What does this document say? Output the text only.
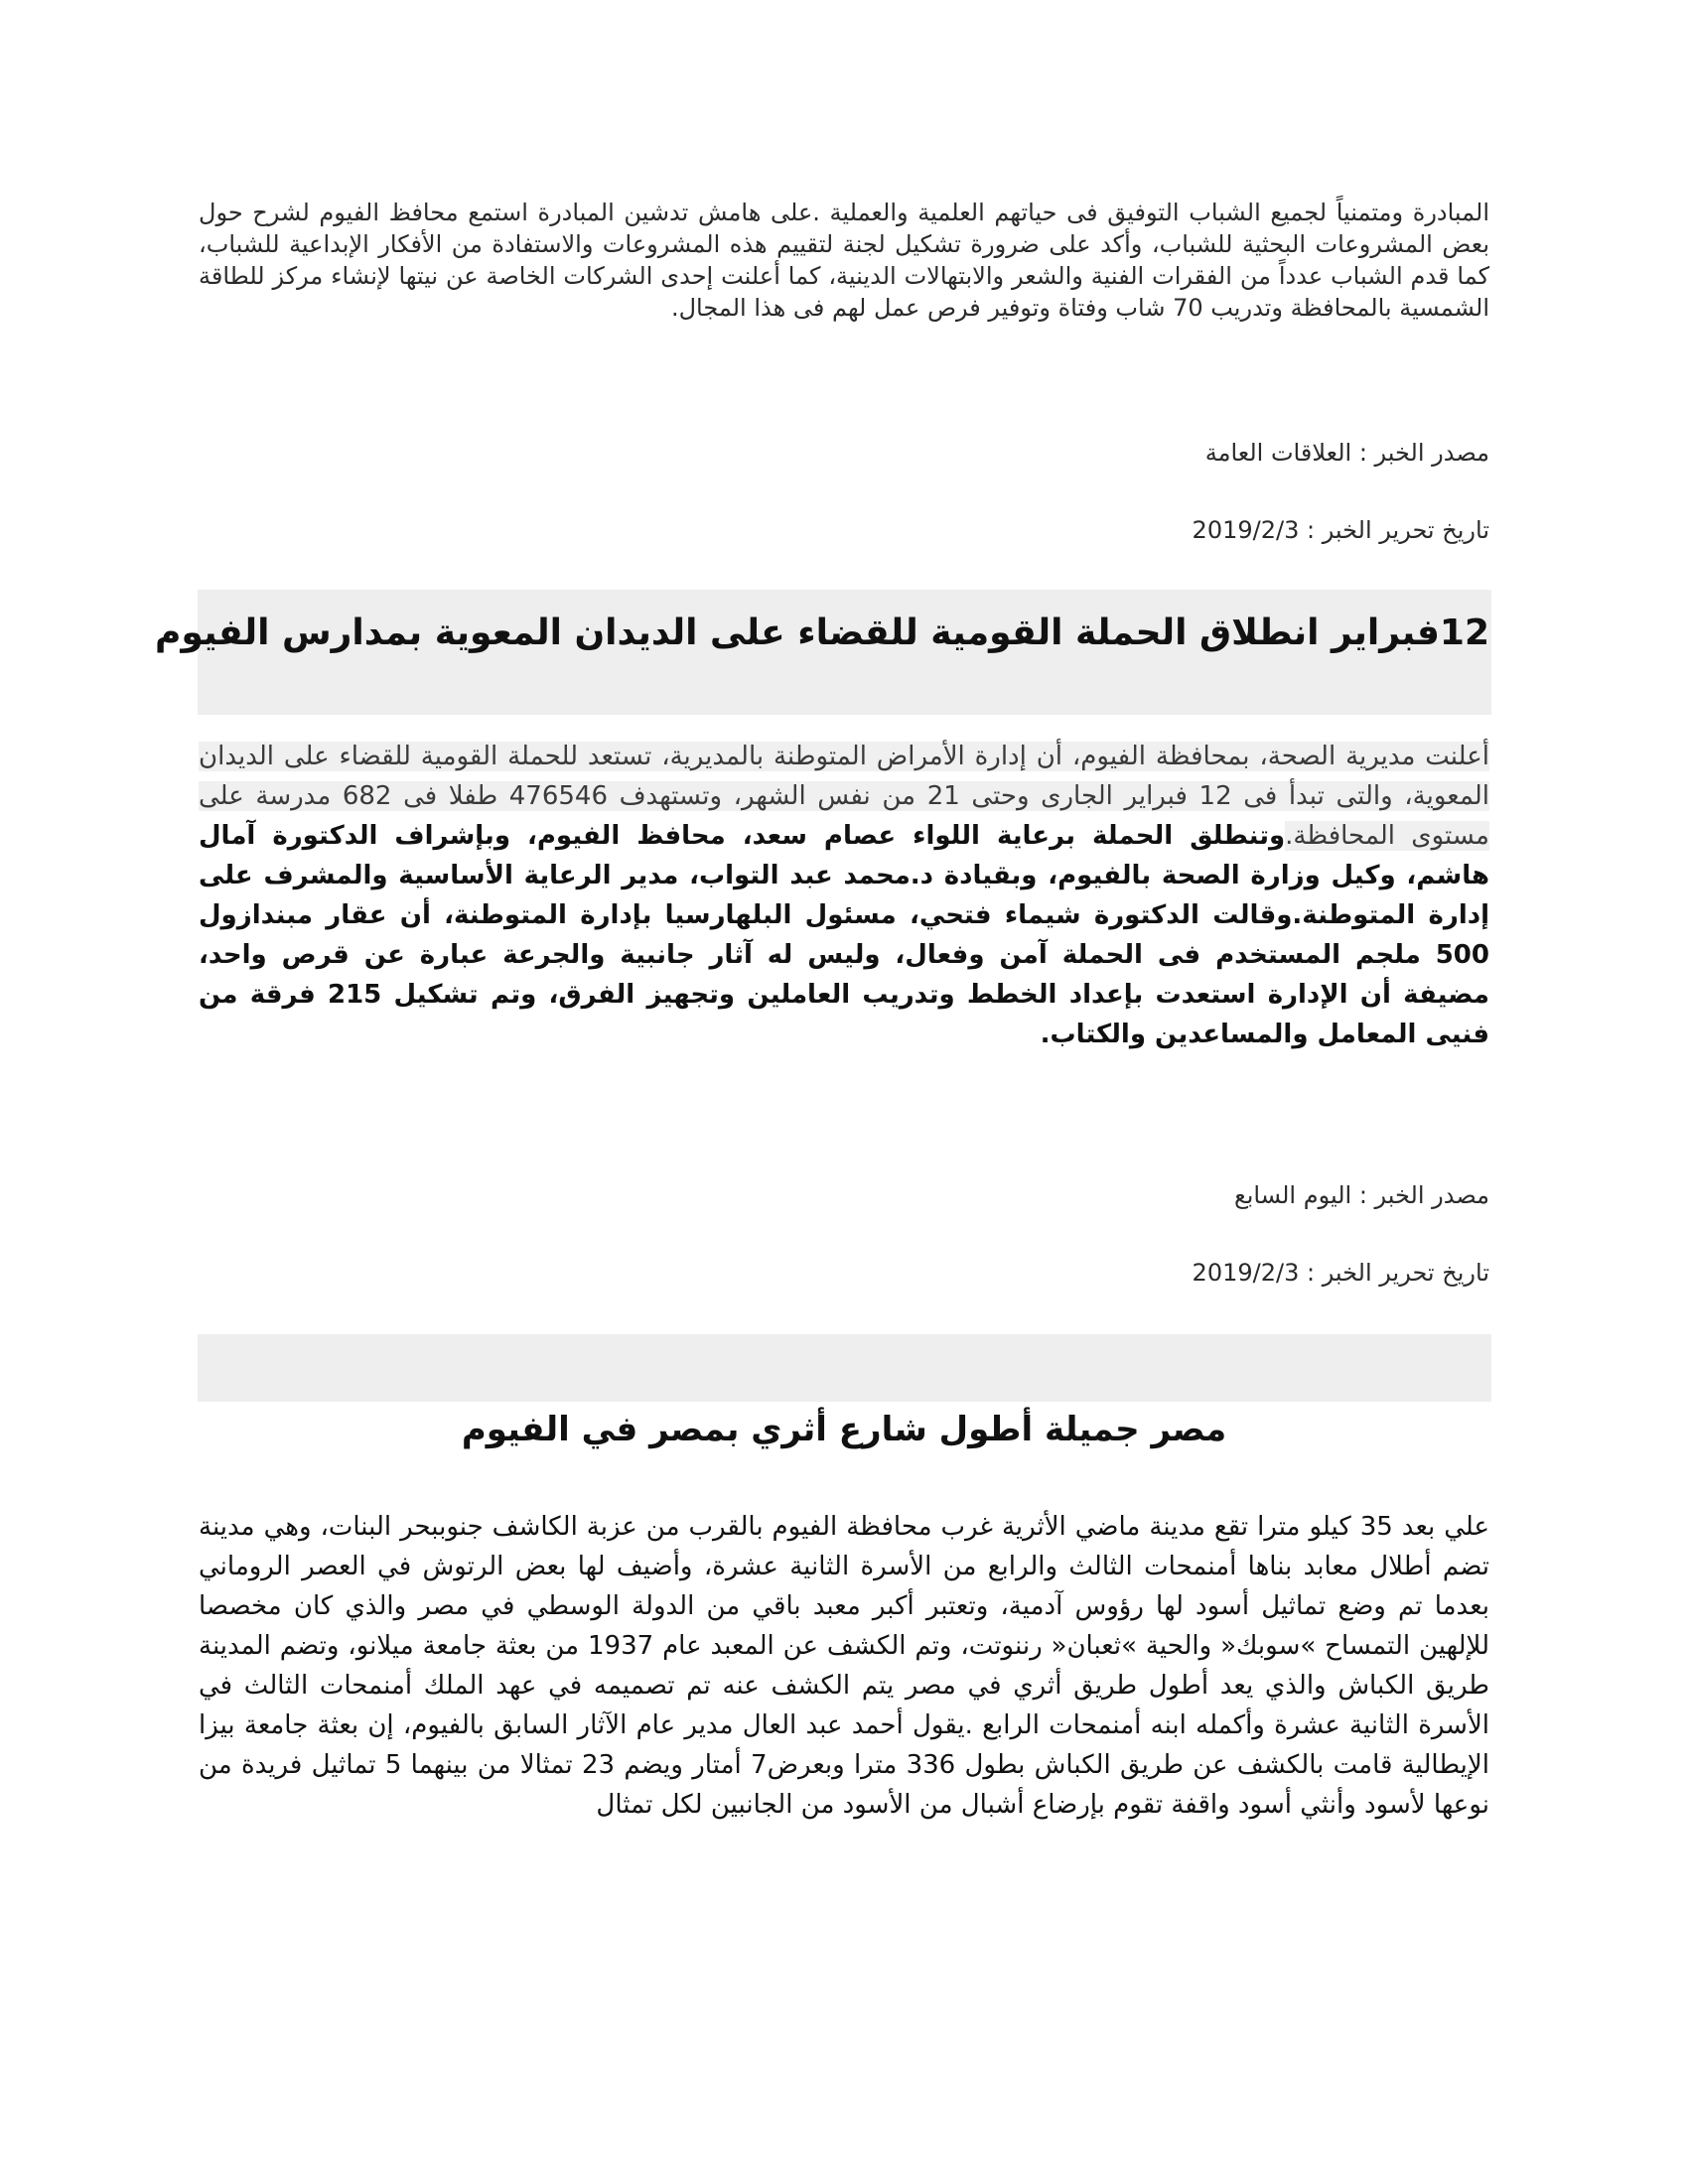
المبادرة ومتمنياً لجميع الشباب التوفيق فى حياتهم العلمية والعملية .على هامش تدشين المبادرة استمع محافظ الفيوم لشرح حول بعض المشروعات البحثية للشباب، وأكد على ضرورة تشكيل لجنة لتقييم هذه المشروعات والاستفادة من الأفكار الإبداعية للشباب، كما قدم الشباب عدداً من الفقرات الفنية والشعر والابتهالات الدينية، كما أعلنت إحدى الشركات الخاصة عن نيتها لإنشاء مركز للطاقة الشمسية بالمحافظة وتدريب 70 شاب وفتاة وتوفير فرص عمل لهم فى هذا المجال.

مصدر الخبر : العلاقات العامة

تاريخ تحرير الخبر : 2019/2/3

12فبراير انطلاق الحملة القومية للقضاء على الديدان المعوية بمدارس الفيوم

أعلنت مديرية الصحة، بمحافظة الفيوم، أن إدارة الأمراض المتوطنة بالمديرية، تستعد للحملة القومية للقضاء على الديدان المعوية، والتى تبدأ فى 12 فبراير الجارى وحتى 21 من نفس الشهر، وتستهدف 476546 طفلا فى 682 مدرسة على مستوى المحافظة.وتنطلق الحملة برعاية اللواء عصام سعد، محافظ الفيوم، وبإشراف الدكتورة آمال هاشم، وكيل وزارة الصحة بالفيوم، وبقيادة د.محمد عبد التواب، مدير الرعاية الأساسية والمشرف على إدارة المتوطنة.وقالت الدكتورة شيماء فتحي، مسئول البلهارسيا بإدارة المتوطنة، أن عقار مبندازول 500 ملجم المستخدم فى الحملة آمن وفعال، وليس له آثار جانبية والجرعة عبارة عن قرص واحد، مضيفة أن الإدارة استعدت بإعداد الخطط وتدريب العاملين وتجهيز الفرق، وتم تشكيل 215 فرقة من فنيى المعامل والمساعدين والكتاب.

مصدر الخبر : اليوم السابع

تاريخ تحرير الخبر : 2019/2/3

مصر جميلة أطول شارع أثري بمصر في الفيوم

علي بعد 35 كيلو مترا تقع مدينة ماضي الأثرية غرب محافظة الفيوم بالقرب من عزبة الكاشف جنوببحر البنات، وهي مدينة تضم أطلال معابد بناها أمنمحات الثالث والرابع من الأسرة الثانية عشرة، وأضيف لها بعض الرتوش في العصر الروماني بعدما تم وضع تماثيل أسود لها رؤوس آدمية، وتعتبر أكبر معبد باقي من الدولة الوسطي في مصر والذي كان مخصصا للإلهين التمساح »سوبك« والحية »ثعبان« رننوتت، وتم الكشف عن المعبد عام 1937 من بعثة جامعة ميلانو، وتضم المدينة طريق الكباش والذي يعد أطول طريق أثري في مصر يتم الكشف عنه تم تصميمه في عهد الملك أمنمحات الثالث في الأسرة الثانية عشرة وأكمله ابنه أمنمحات الرابع .يقول أحمد عبد العال مدير عام الآثار السابق بالفيوم، إن بعثة جامعة بيزا الإيطالية قامت بالكشف عن طريق الكباش بطول 336 مترا وبعرض7 أمتار ويضم 23 تمثالا من بينهما 5 تماثيل فريدة من نوعها لأسود وأنثي أسود واقفة تقوم بإرضاع أشبال من الأسود من الجانبين لكل تمثال
